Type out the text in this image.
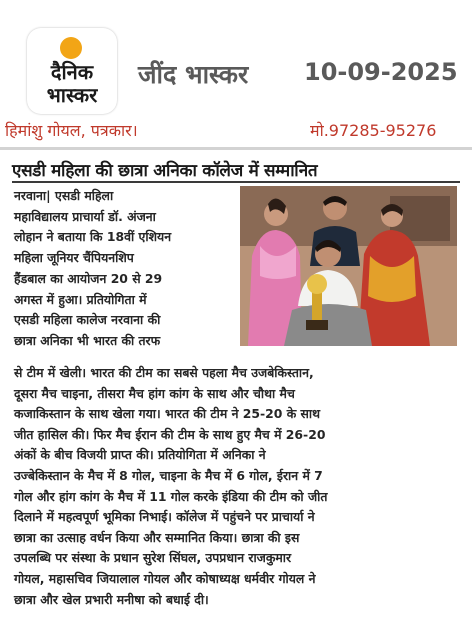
दैनिक
भास्कर
जींद भास्कर 10-09-2025
हिमांशु गोयल, पत्रकार।	मो.97285-95276
एसडी महिला की छात्रा अनिका कॉलेज में सम्मानित
नरवाना| एसडी महिला
महाविद्यालय प्राचार्या डॉ. अंजना
लोहान ने बताया कि 18वीं एशियन
महिला जूनियर चैंपियनशिप
हैंडबाल का आयोजन 20 से 29
अगस्त में हुआ। प्रतियोगिता में
एसडी महिला कालेज नरवाना की
छात्रा अनिका भी भारत की तरफ
से टीम में खेली। भारत की टीम का सबसे पहला मैच उजबेकिस्तान,
दूसरा मैच चाइना, तीसरा मैच हांग कांग के साथ और चौथा मैच
कजाकिस्तान के साथ खेला गया। भारत की टीम ने 25-20 के साथ
जीत हासिल की। फिर मैच ईरान की टीम के साथ हुए मैच में 26-20
अंकों के बीच विजयी प्राप्त की। प्रतियोगिता में अनिका ने
उज्बेकिस्तान के मैच में 8 गोल, चाइना के मैच में 6 गोल, ईरान में 7
गोल और हांग कांग के मैच में 11 गोल करके इंडिया की टीम को जीत
दिलाने में महत्वपूर्ण भूमिका निभाई। कॉलेज में पहुंचने पर प्राचार्या ने
छात्रा का उत्साह वर्धन किया और सम्मानित किया। छात्रा की इस
उपलब्धि पर संस्था के प्रधान सुरेश सिंघल, उपप्रधान राजकुमार
गोयल, महासचिव जियालाल गोयल और कोषाध्यक्ष धर्मवीर गोयल ने
छात्रा और खेल प्रभारी मनीषा को बधाई दी।
